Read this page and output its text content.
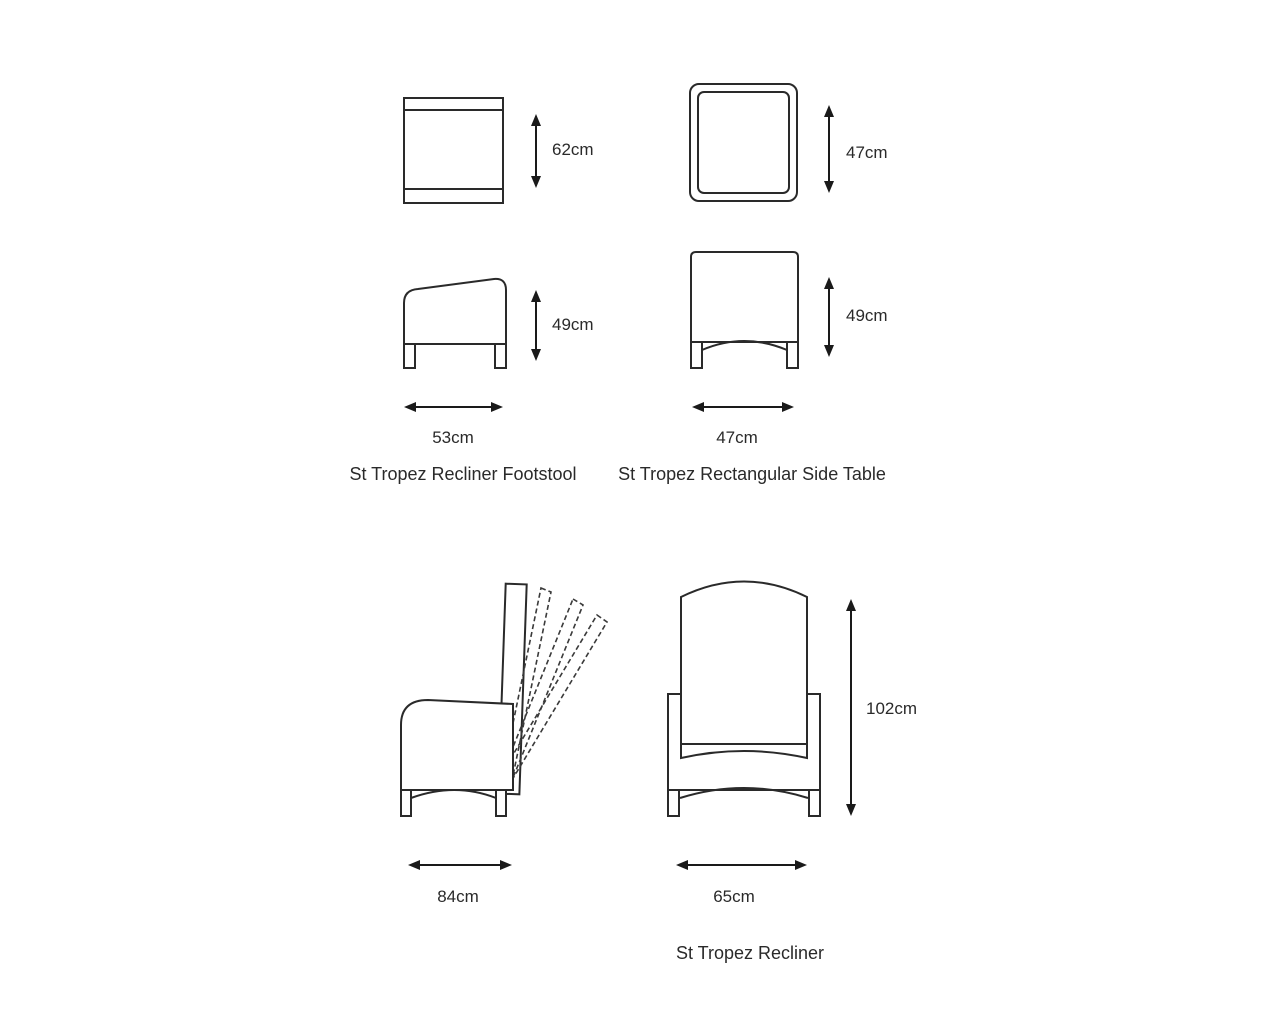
62cm
49cm
53cm
St Tropez Recliner Footstool
47cm
49cm
47cm
St Tropez Rectangular Side Table
84cm	65cm
102cm
St Tropez Recliner
